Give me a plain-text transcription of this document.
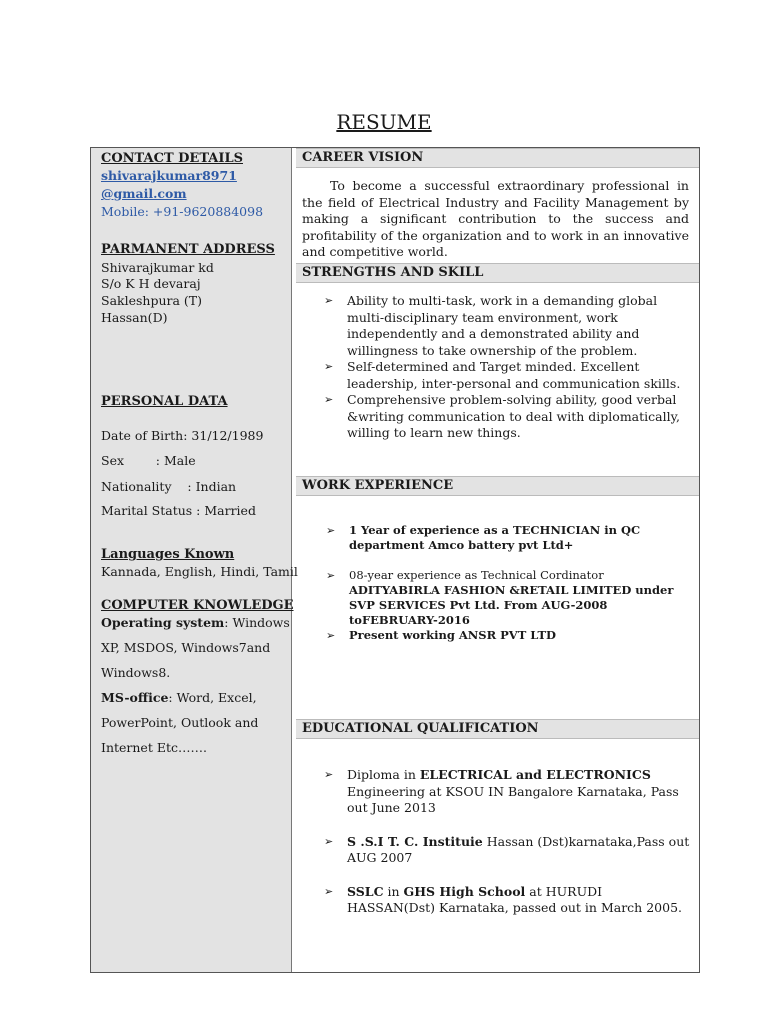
RESUME
CONTACT DETAILS
shivarajkumar8971
@gmail.com
Mobile: +91-9620884098
PARMANENT ADDRESS
Shivarajkumar kd
S/o K H devaraj
Sakleshpura (T)
Hassan(D)
PERSONAL DATA
Date of Birth: 31/12/1989
Sex        : Male
Nationality    : Indian
Marital Status : Married
Languages Known
Kannada, English, Hindi, Tamil
COMPUTER KNOWLEDGE
Operating system: Windows
XP, MSDOS, Windows7and
Windows8.
MS-office: Word, Excel,
PowerPoint, Outlook and
Internet Etc…….
CAREER VISION
To become a successful extraordinary professional in the field of Electrical Industry and Facility Management by making a significant contribution to the success and profitability of the organization and to work in an innovative and competitive world.
STRENGTHS AND SKILL
➢ Ability to multi-task, work in a demanding global multi-disciplinary team environment, work independently and a demonstrated ability and willingness to take ownership of the problem.
➢ Self-determined and Target minded. Excellent leadership, inter-personal and communication skills.
➢ Comprehensive problem-solving ability, good verbal &writing communication to deal with diplomatically, willing to learn new things.
WORK EXPERIENCE
➢ 1 Year of experience as a TECHNICIAN in QC department Amco battery pvt Ltd+
➢ 08-year experience as Technical Cordinator ADITYABIRLA FASHION &RETAIL LIMITED under SVP SERVICES Pvt Ltd. From AUG-2008 toFEBRUARY-2016
➢ Present working ANSR PVT LTD
EDUCATIONAL QUALIFICATION
➢ Diploma in ELECTRICAL and ELECTRONICS Engineering at KSOU IN Bangalore Karnataka, Pass out June 2013
➢ S .S.I T. C. Instituie Hassan (Dst)karnataka,Pass out AUG 2007
➢ SSLC in GHS High School at HURUDI HASSAN(Dst) Karnataka, passed out in March 2005.
